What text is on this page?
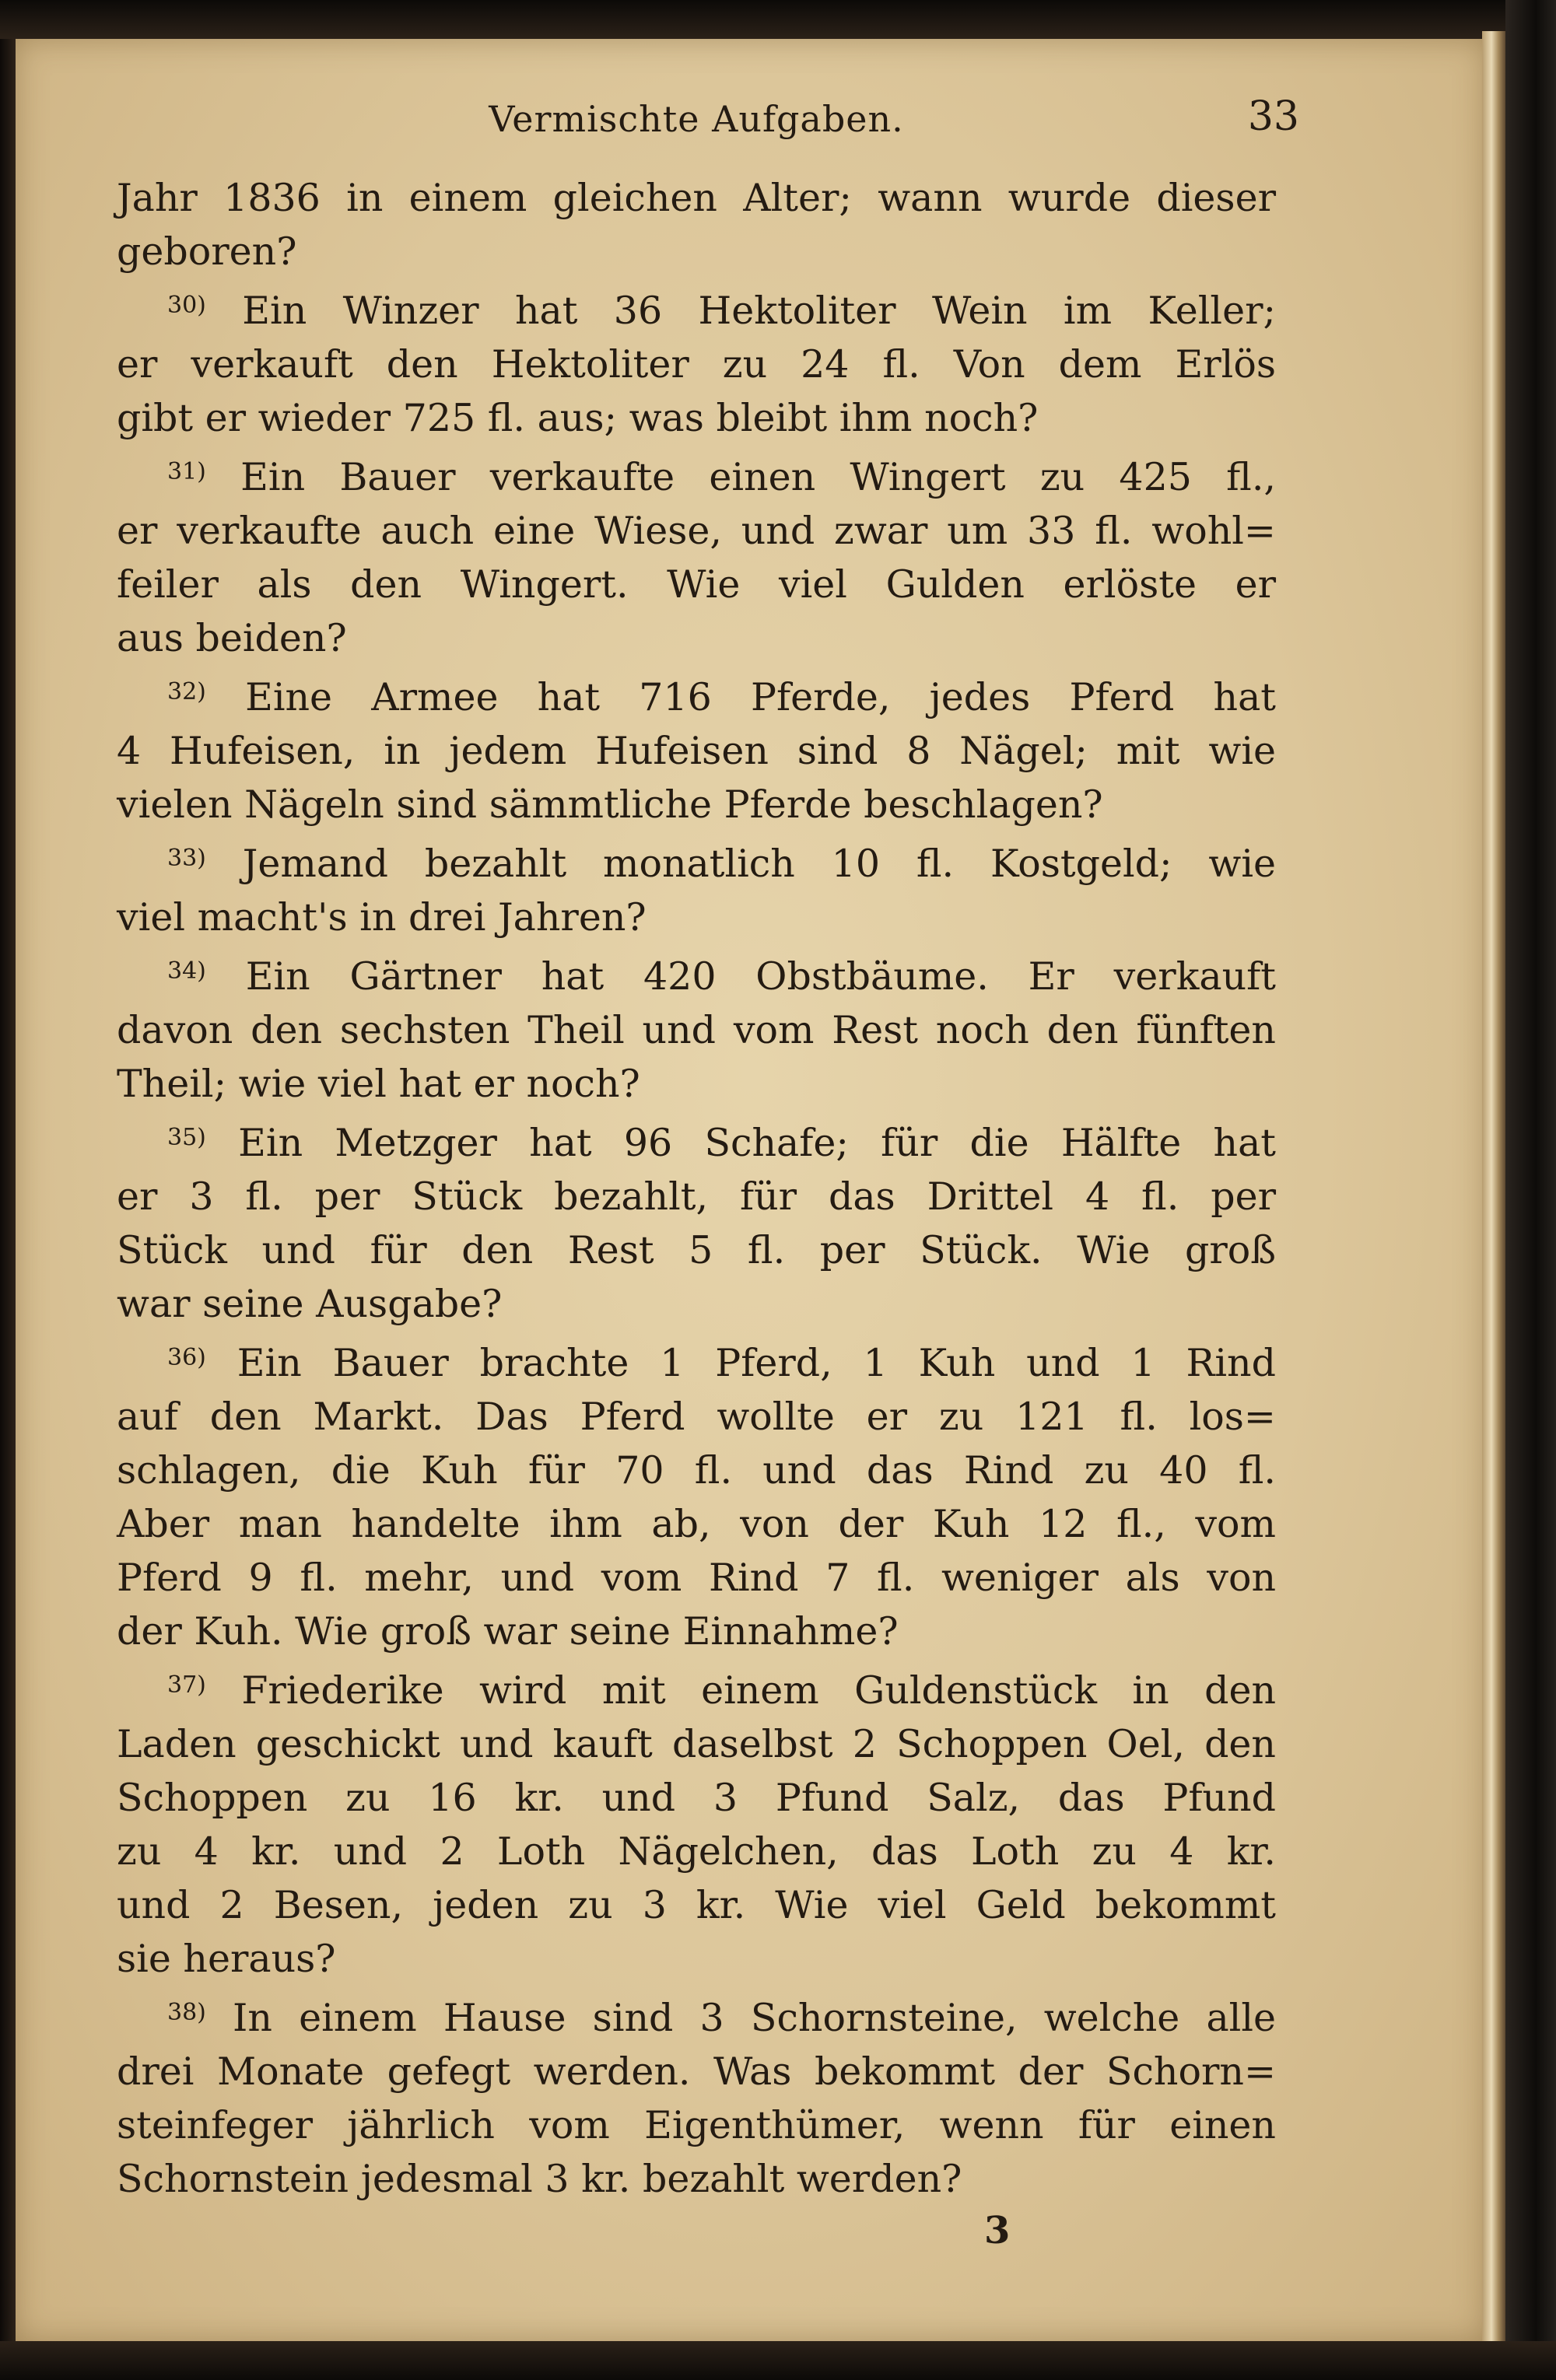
Vermischte Aufgaben.	33
Jahr 1836 in einem gleichen Alter; wann wurde dieser
geboren?
$^{30)}$ Ein Winzer hat 36 Hektoliter Wein im Keller;
er verkauft den Hektoliter zu 24 fl. Von dem Erlös
gibt er wieder 725 fl. aus; was bleibt ihm noch?
$^{31)}$ Ein Bauer verkaufte einen Wingert zu 425 fl.,
er verkaufte auch eine Wiese, und zwar um 33 fl. wohl=
feiler als den Wingert. Wie viel Gulden erlöste er
aus beiden?
$^{32)}$ Eine Armee hat 716 Pferde, jedes Pferd hat
4 Hufeisen, in jedem Hufeisen sind 8 Nägel; mit wie
vielen Nägeln sind sämmtliche Pferde beschlagen?
$^{33)}$ Jemand bezahlt monatlich 10 fl. Kostgeld; wie
viel macht's in drei Jahren?
$^{34)}$ Ein Gärtner hat 420 Obstbäume. Er verkauft
davon den sechsten Theil und vom Rest noch den fünften
Theil; wie viel hat er noch?
$^{35)}$ Ein Metzger hat 96 Schafe; für die Hälfte hat
er 3 fl. per Stück bezahlt, für das Drittel 4 fl. per
Stück und für den Rest 5 fl. per Stück. Wie groß
war seine Ausgabe?
$^{36)}$ Ein Bauer brachte 1 Pferd, 1 Kuh und 1 Rind
auf den Markt. Das Pferd wollte er zu 121 fl. los=
schlagen, die Kuh für 70 fl. und das Rind zu 40 fl.
Aber man handelte ihm ab, von der Kuh 12 fl., vom
Pferd 9 fl. mehr, und vom Rind 7 fl. weniger als von
der Kuh. Wie groß war seine Einnahme?
$^{37)}$ Friederike wird mit einem Guldenstück in den
Laden geschickt und kauft daselbst 2 Schoppen Oel, den
Schoppen zu 16 kr. und 3 Pfund Salz, das Pfund
zu 4 kr. und 2 Loth Nägelchen, das Loth zu 4 kr.
und 2 Besen, jeden zu 3 kr. Wie viel Geld bekommt
sie heraus?
$^{38)}$ In einem Hause sind 3 Schornsteine, welche alle
drei Monate gefegt werden. Was bekommt der Schorn=
steinfeger jährlich vom Eigenthümer, wenn für einen
Schornstein jedesmal 3 kr. bezahlt werden?
3
